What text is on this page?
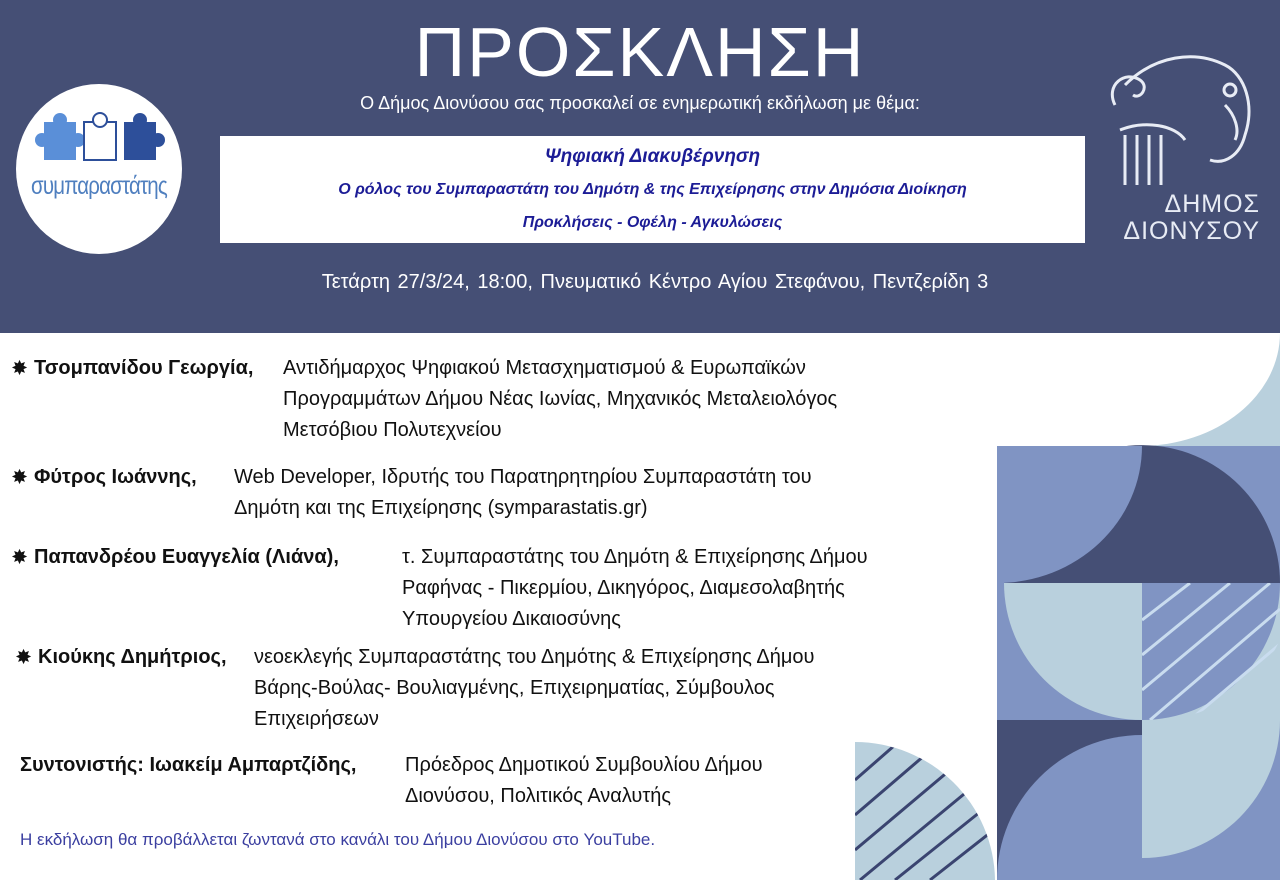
συμπαραστάτης
ΠΡΟΣΚΛΗΣΗ
Ο Δήμος Διονύσου σας προσκαλεί σε ενημερωτική εκδήλωση με θέμα:
Ψηφιακή Διακυβέρνηση
Ο ρόλος του Συμπαραστάτη του Δημότη & της Επιχείρησης στην Δημόσια Διοίκηση
Προκλήσεις - Οφέλη - Αγκυλώσεις
Τετάρτη 27/3/24, 18:00, Πνευματικό Κέντρο Αγίου Στεφάνου, Πεντζερίδη 3
ΔΗΜΟΣ
ΔΙΟΝΥΣΟΥ
✸ Τσομπανίδου Γεωργία, Αντιδήμαρχος Ψηφιακού Μετασχηματισμού & Ευρωπαϊκών
Προγραμμάτων Δήμου Νέας Ιωνίας, Μηχανικός Μεταλειολόγος
Μετσόβιου Πολυτεχνείου
✸ Φύτρος Ιωάννης, Web Developer, Ιδρυτής του Παρατηρητηρίου Συμπαραστάτη του
Δημότη και της Επιχείρησης (symparastatis.gr)
✸ Παπανδρέου Ευαγγελία (Λιάνα),	τ. Συμπαραστάτης του Δημότη & Επιχείρησης Δήμου
Ραφήνας - Πικερμίου, Δικηγόρος, Διαμεσολαβητής
Υπουργείου Δικαιοσύνης
✸ Κιούκης Δημήτριος, νεοεκλεγής Συμπαραστάτης του Δημότης & Επιχείρησης Δήμου
Βάρης-Βούλας- Βουλιαγμένης, Επιχειρηματίας, Σύμβουλος
Επιχειρήσεων
Συντονιστής: Ιωακείμ Αμπαρτζίδης, Πρόεδρος Δημοτικού Συμβουλίου Δήμου
Διονύσου, Πολιτικός Αναλυτής
Η εκδήλωση θα προβάλλεται ζωντανά στο κανάλι του Δήμου Διονύσου στο YouTube.
